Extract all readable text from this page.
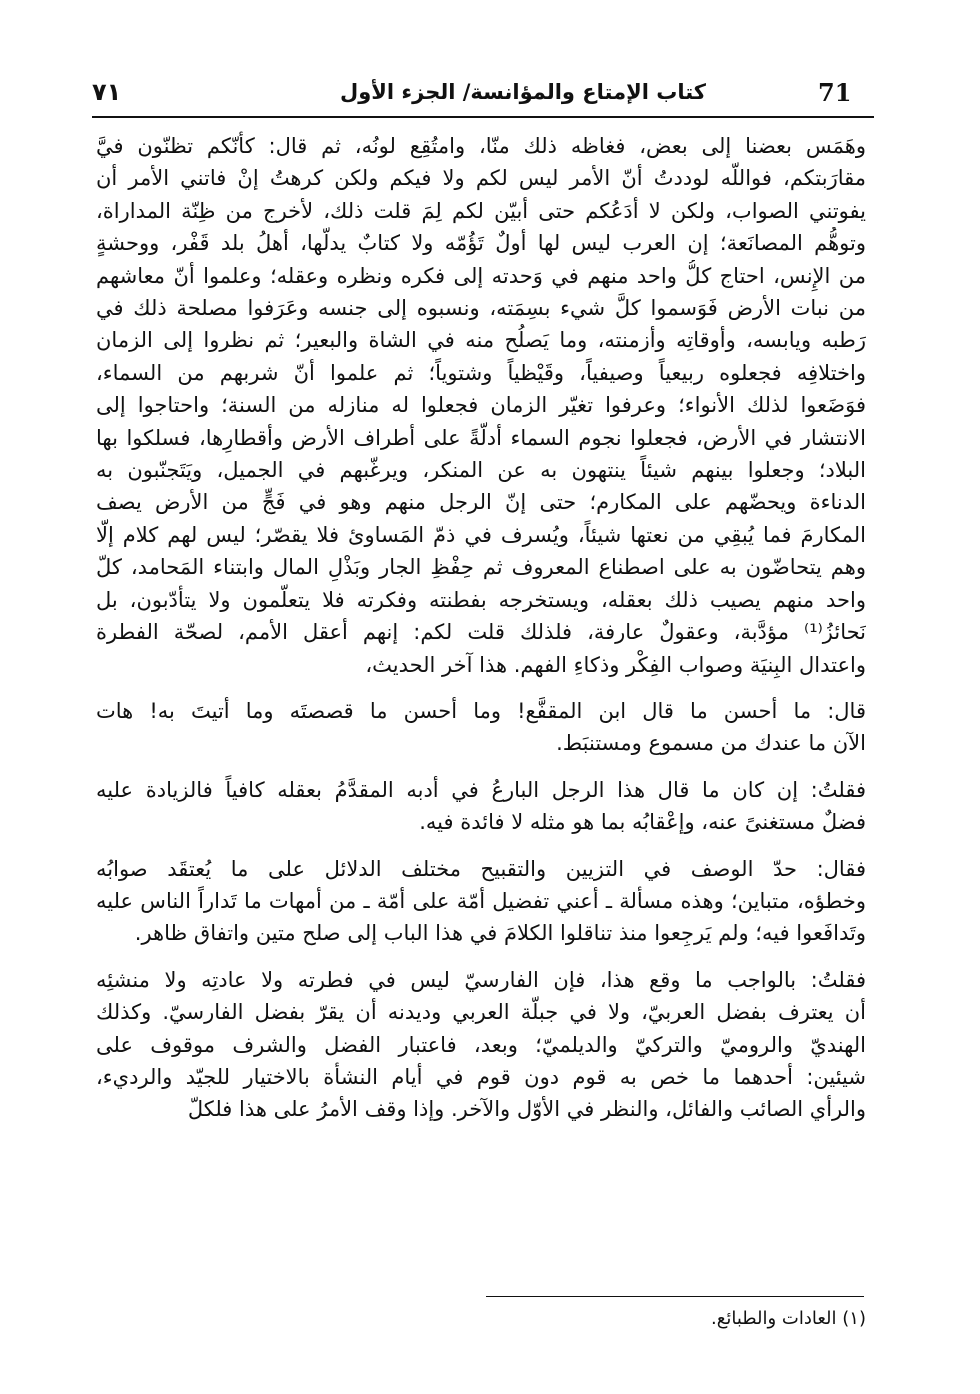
71
كتاب الإمتاع والمؤانسة/ الجزء الأول
٧١
وهَمَس بعضنا إلى بعض، فغاظه ذلك منّا، وامتُقِع لونُه، ثم قال: كأنّكم تظنّون فيَّ
مقارَبتكم، فواللّه لوددتُ أنّ الأمر ليس لكم ولا فيكم ولكن كرهتُ إنْ فاتني الأمر أن
يفوتني الصواب، ولكن لا أدَعُكم حتى أبيّن لكم لِمَ قلت ذلك، لأخرج من ظِنّة المداراة،
وتوهُّم المصانَعة؛ إن العرب ليس لها أولٌ تَؤُمّه ولا كتابٌ يدلّها، أهلُ بلد قَفْر، ووحشةٍ
من الإِنس، احتاج كلُّ واحد منهم في وَحدته إلى فكره ونظره وعقله؛ وعلموا أنّ معاشهم
من نبات الأرض فَوَسموا كلَّ شيء بسِمَته، ونسبوه إلى جنسه وعَرَفوا مصلحة ذلك في
رَطبه ويابسه، وأوقاتِه وأزمنته، وما يَصلُح منه في الشاة والبعير؛ ثم نظروا إلى الزمان
واختلافِه فجعلوه ربيعياً وصيفياً، وقَيْظياً وشتوياً؛ ثم علموا أنّ شربهم من السماء،
فوَضَعوا لذلك الأنواء؛ وعرفوا تغيّر الزمان فجعلوا له منازله من السنة؛ واحتاجوا إلى
الانتشار في الأرض، فجعلوا نجوم السماء أدلّةً على أطراف الأرض وأقطارِها، فسلكوا بها
البلاد؛ وجعلوا بينهم شيئاً ينتهون به عن المنكر، ويرغّبهم في الجميل، ويَتَجنّبون به
الدناءة ويحضّهم على المكارم؛ حتى إنّ الرجل منهم وهو في فَجٍّ من الأرض يصف
المكارمَ فما يُبقِي من نعتها شيئاً، ويُسرف في ذمّ المَساوئ فلا يقصّر؛ ليس لهم كلام إلّا
وهم يتحاضّون به على اصطناع المعروف ثم حِفْظِ الجار وبَذْلِ المال وابتناء المَحامد، كلّ
واحد منهم يصيب ذلك بعقله، ويستخرجه بفطنته وفكرته فلا يتعلّمون ولا يتأدّبون، بل
نَحائزُ⁽¹⁾ مؤدَّبة، وعقولٌ عارفة، فلذلك قلت لكم: إنهم أعقل الأمم، لصحّة الفطرة
واعتدال البِنيَة وصواب الفِكْر وذكاءِ الفهم. هذا آخر الحديث،
قال: ما أحسن ما قال ابن المقفَّع! وما أحسن ما قصصتَه وما أتيتَ به! هات
الآن ما عندك من مسموع ومستنبَط.
فقلتُ: إن كان ما قال هذا الرجل البارعُ في أدبه المقدَّمُ بعقله كافياً فالزيادة عليه
فضلٌ مستغنىً عنه، وإعْقابُه بما هو مثله لا فائدة فيه.
فقال: حدّ الوصف في التزيين والتقبيح مختلف الدلائل على ما يُعتقَد صوابُه
وخطؤه، متباين؛ وهذه مسألة ـ أعني تفضيل أمّة على أمّة ـ من أمهات ما تَداراً الناس عليه
وتَدافَعوا فيه؛ ولم يَرجِعوا منذ تناقلوا الكلامَ في هذا الباب إلى صلح متين واتفاق ظاهر.
فقلتُ: بالواجب ما وقع هذا، فإن الفارسيّ ليس في فطرته ولا عادتِه ولا منشئِه
أن يعترف بفضل العربيّ، ولا في جبلّة العربي وديدنه أن يقرّ بفضل الفارسيّ. وكذلك
الهنديّ والروميّ والتركيّ والديلميّ؛ وبعد، فاعتبار الفضل والشرف موقوف على
شيئين: أحدهما ما خص به قوم دون قوم في أيام النشأة بالاختيار للجيّد والرديء،
والرأي الصائب والفائل، والنظر في الأوّل والآخر. وإذا وقف الأمرُ على هذا فلكلّ
(١) العادات والطبائع.
